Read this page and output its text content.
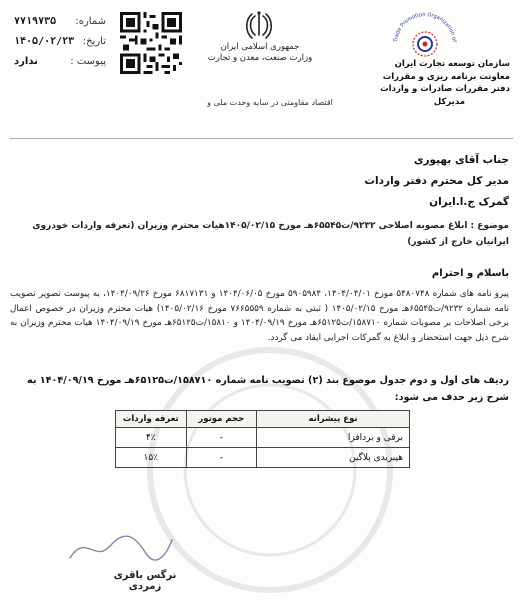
شماره:
۷۷۱۹۷۳۵
تاریخ:
۱۴۰۵/۰۲/۲۳
پیوست :
ندارد
جمهوری اسلامی ایران
وزارت صنعت، معدن و تجارت
اقتصاد مقاومتی در سایه وحدت ملی و
Trade Promotion Organization of
سازمان توسعه تجارت ایران
معاونت برنامه ریزی و مقررات
دفتر مقررات صادرات و واردات
مدیرکل
جناب آقای بهپوری
مدیر کل محترم دفتر واردات
گمرک ج.ا.ایران
موضوع : ابلاغ مصوبه اصلاحی ۹۲۳۲/ت۶۵۵۴۵هـ مورخ ۱۴۰۵/۰۲/۱۵هیات محترم وزیران (تعرفه واردات خودروی ایرانیان خارج از کشور)
باسلام و احترام
پیرو نامه های شماره ۵۴۸۰۷۴۸ مورخ ۱۴۰۴/۰۴/۰۱، ۵۹۰۵۹۸۴ مورخ ۱۴۰۴/۰۶/۰۵ و ۶۸۱۷۱۳۱ مورخ ۱۴۰۴/۰۹/۲۶، به پیوست تصویر تصویب نامه شماره ۹۲۳۲/ت۶۵۵۴۵هـ مورخ ۱۴۰۵/۰۲/۱۵ ( ثبتی به شماره ۷۶۶۵۵۵۹ مورخ ۱۴۰۵/۰۲/۱۶) هیات محترم وزیران در خصوص اعمال برخی اصلاحات بر مصوبات شماره ۱۵۸۷۱۰/ت۶۵۱۲۵هـ مورخ ۱۴۰۴/۰۹/۱۹ و ۱۵۸۱۰/ت۶۵۱۲۵هـ مورخ ۱۴۰۴/۰۹/۱۹ هیات محترم وزیران به شرح ذیل جهت استحضار و ابلاغ به گمرکات اجرایی ایفاد می گردد.
ردیف های اول و دوم جدول موضوع بند (۲) تصویب نامه شماره ۱۵۸۷۱۰/ت۶۵۱۲۵هـ مورخ ۱۴۰۴/۰۹/۱۹ به شرح زیر حذف می شود:
نوع پیشرانه	حجم موتور	تعرفه واردات
برقی و بردافزا	-	۴٪
هیبریدی پلاگین	-	۱۵٪
نرگس باقری زمردی
